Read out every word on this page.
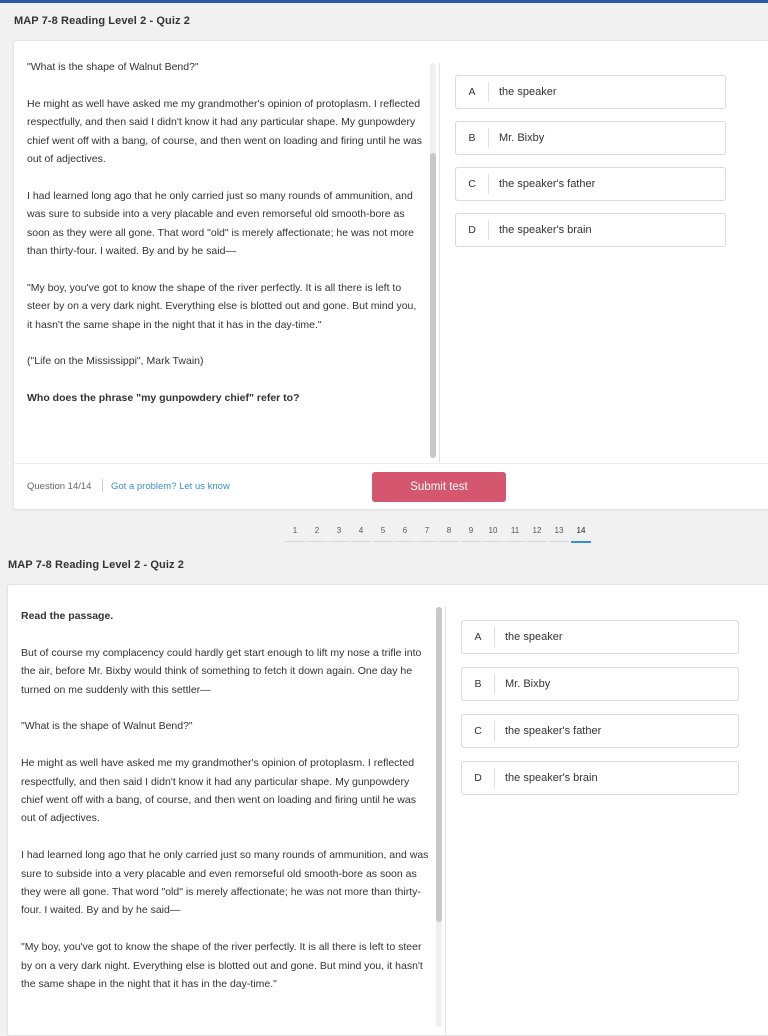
MAP 7-8 Reading Level 2 - Quiz 2

"What is the shape of Walnut Bend?"

He might as well have asked me my grandmother's opinion of protoplasm. I reflected respectfully, and then said I didn't know it had any particular shape. My gunpowdery chief went off with a bang, of course, and then went on loading and firing until he was out of adjectives.

I had learned long ago that he only carried just so many rounds of ammunition, and was sure to subside into a very placable and even remorseful old smooth-bore as soon as they were all gone. That word "old" is merely affectionate; he was not more than thirty-four. I waited. By and by he said—

"My boy, you've got to know the shape of the river perfectly. It is all there is left to steer by on a very dark night. Everything else is blotted out and gone. But mind you, it hasn't the same shape in the night that it has in the day-time."

("Life on the Mississippi", Mark Twain)

Who does the phrase "my gunpowdery chief" refer to?

A	the speaker
B	Mr. Bixby
C	the speaker's father
D	the speaker's brain
Question 14/14 Got a problem? Let us know	Submit test
1	2	3	4	5	6	7	8	9	10	11	12	13	14
MAP 7-8 Reading Level 2 - Quiz 2

Read the passage.

But of course my complacency could hardly get start enough to lift my nose a trifle into the air, before Mr. Bixby would think of something to fetch it down again. One day he turned on me suddenly with this settler—

"What is the shape of Walnut Bend?"

He might as well have asked me my grandmother's opinion of protoplasm. I reflected respectfully, and then said I didn't know it had any particular shape. My gunpowdery chief went off with a bang, of course, and then went on loading and firing until he was out of adjectives.

I had learned long ago that he only carried just so many rounds of ammunition, and was sure to subside into a very placable and even remorseful old smooth-bore as soon as they were all gone. That word "old" is merely affectionate; he was not more than thirty-four. I waited. By and by he said—

"My boy, you've got to know the shape of the river perfectly. It is all there is left to steer by on a very dark night. Everything else is blotted out and gone. But mind you, it hasn't the same shape in the night that it has in the day-time."

A	the speaker
B	Mr. Bixby
C	the speaker's father
D	the speaker's brain
